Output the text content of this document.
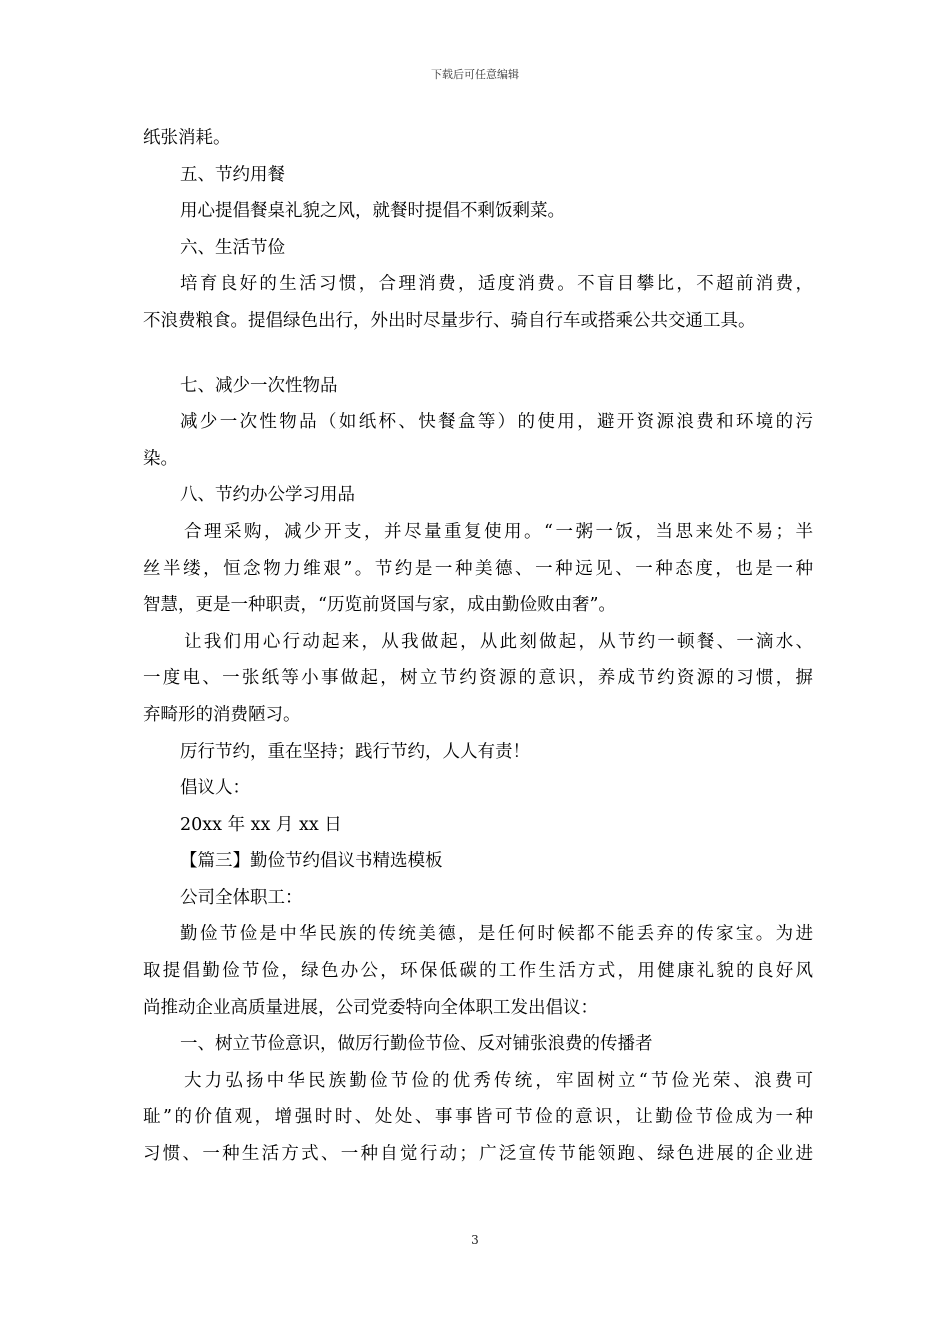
下载后可任意编辑
纸张消耗。
五、节约用餐
用心提倡餐桌礼貌之风，就餐时提倡不剩饭剩菜。
六、生活节俭
培育良好的生活习惯，合理消费，适度消费。不盲目攀比，不超前消费，
不浪费粮食。提倡绿色出行，外出时尽量步行、骑自行车或搭乘公共交通工具。
七、减少一次性物品
减少一次性物品（如纸杯、快餐盒等）的使用，避开资源浪费和环境的污
染。
八、节约办公学习用品
合理采购，减少开支，并尽量重复使用。“一粥一饭，当思来处不易；半
丝半缕，恒念物力维艰”。节约是一种美德、一种远见、一种态度，也是一种
智慧，更是一种职责，“历览前贤国与家，成由勤俭败由奢”。
让我们用心行动起来，从我做起，从此刻做起，从节约一顿餐、一滴水、
一度电、一张纸等小事做起，树立节约资源的意识，养成节约资源的习惯，摒
弃畸形的消费陋习。
厉行节约，重在坚持；践行节约，人人有责！
倡议人：
20xx 年 xx 月 xx 日
【篇三】勤俭节约倡议书精选模板
公司全体职工：
勤俭节俭是中华民族的传统美德，是任何时候都不能丢弃的传家宝。为进
取提倡勤俭节俭，绿色办公，环保低碳的工作生活方式，用健康礼貌的良好风
尚推动企业高质量进展，公司党委特向全体职工发出倡议：
一、树立节俭意识，做厉行勤俭节俭、反对铺张浪费的传播者
大力弘扬中华民族勤俭节俭的优秀传统，牢固树立“节俭光荣、浪费可
耻”的价值观，增强时时、处处、事事皆可节俭的意识，让勤俭节俭成为一种
习惯、一种生活方式、一种自觉行动；广泛宣传节能领跑、绿色进展的企业进
3
